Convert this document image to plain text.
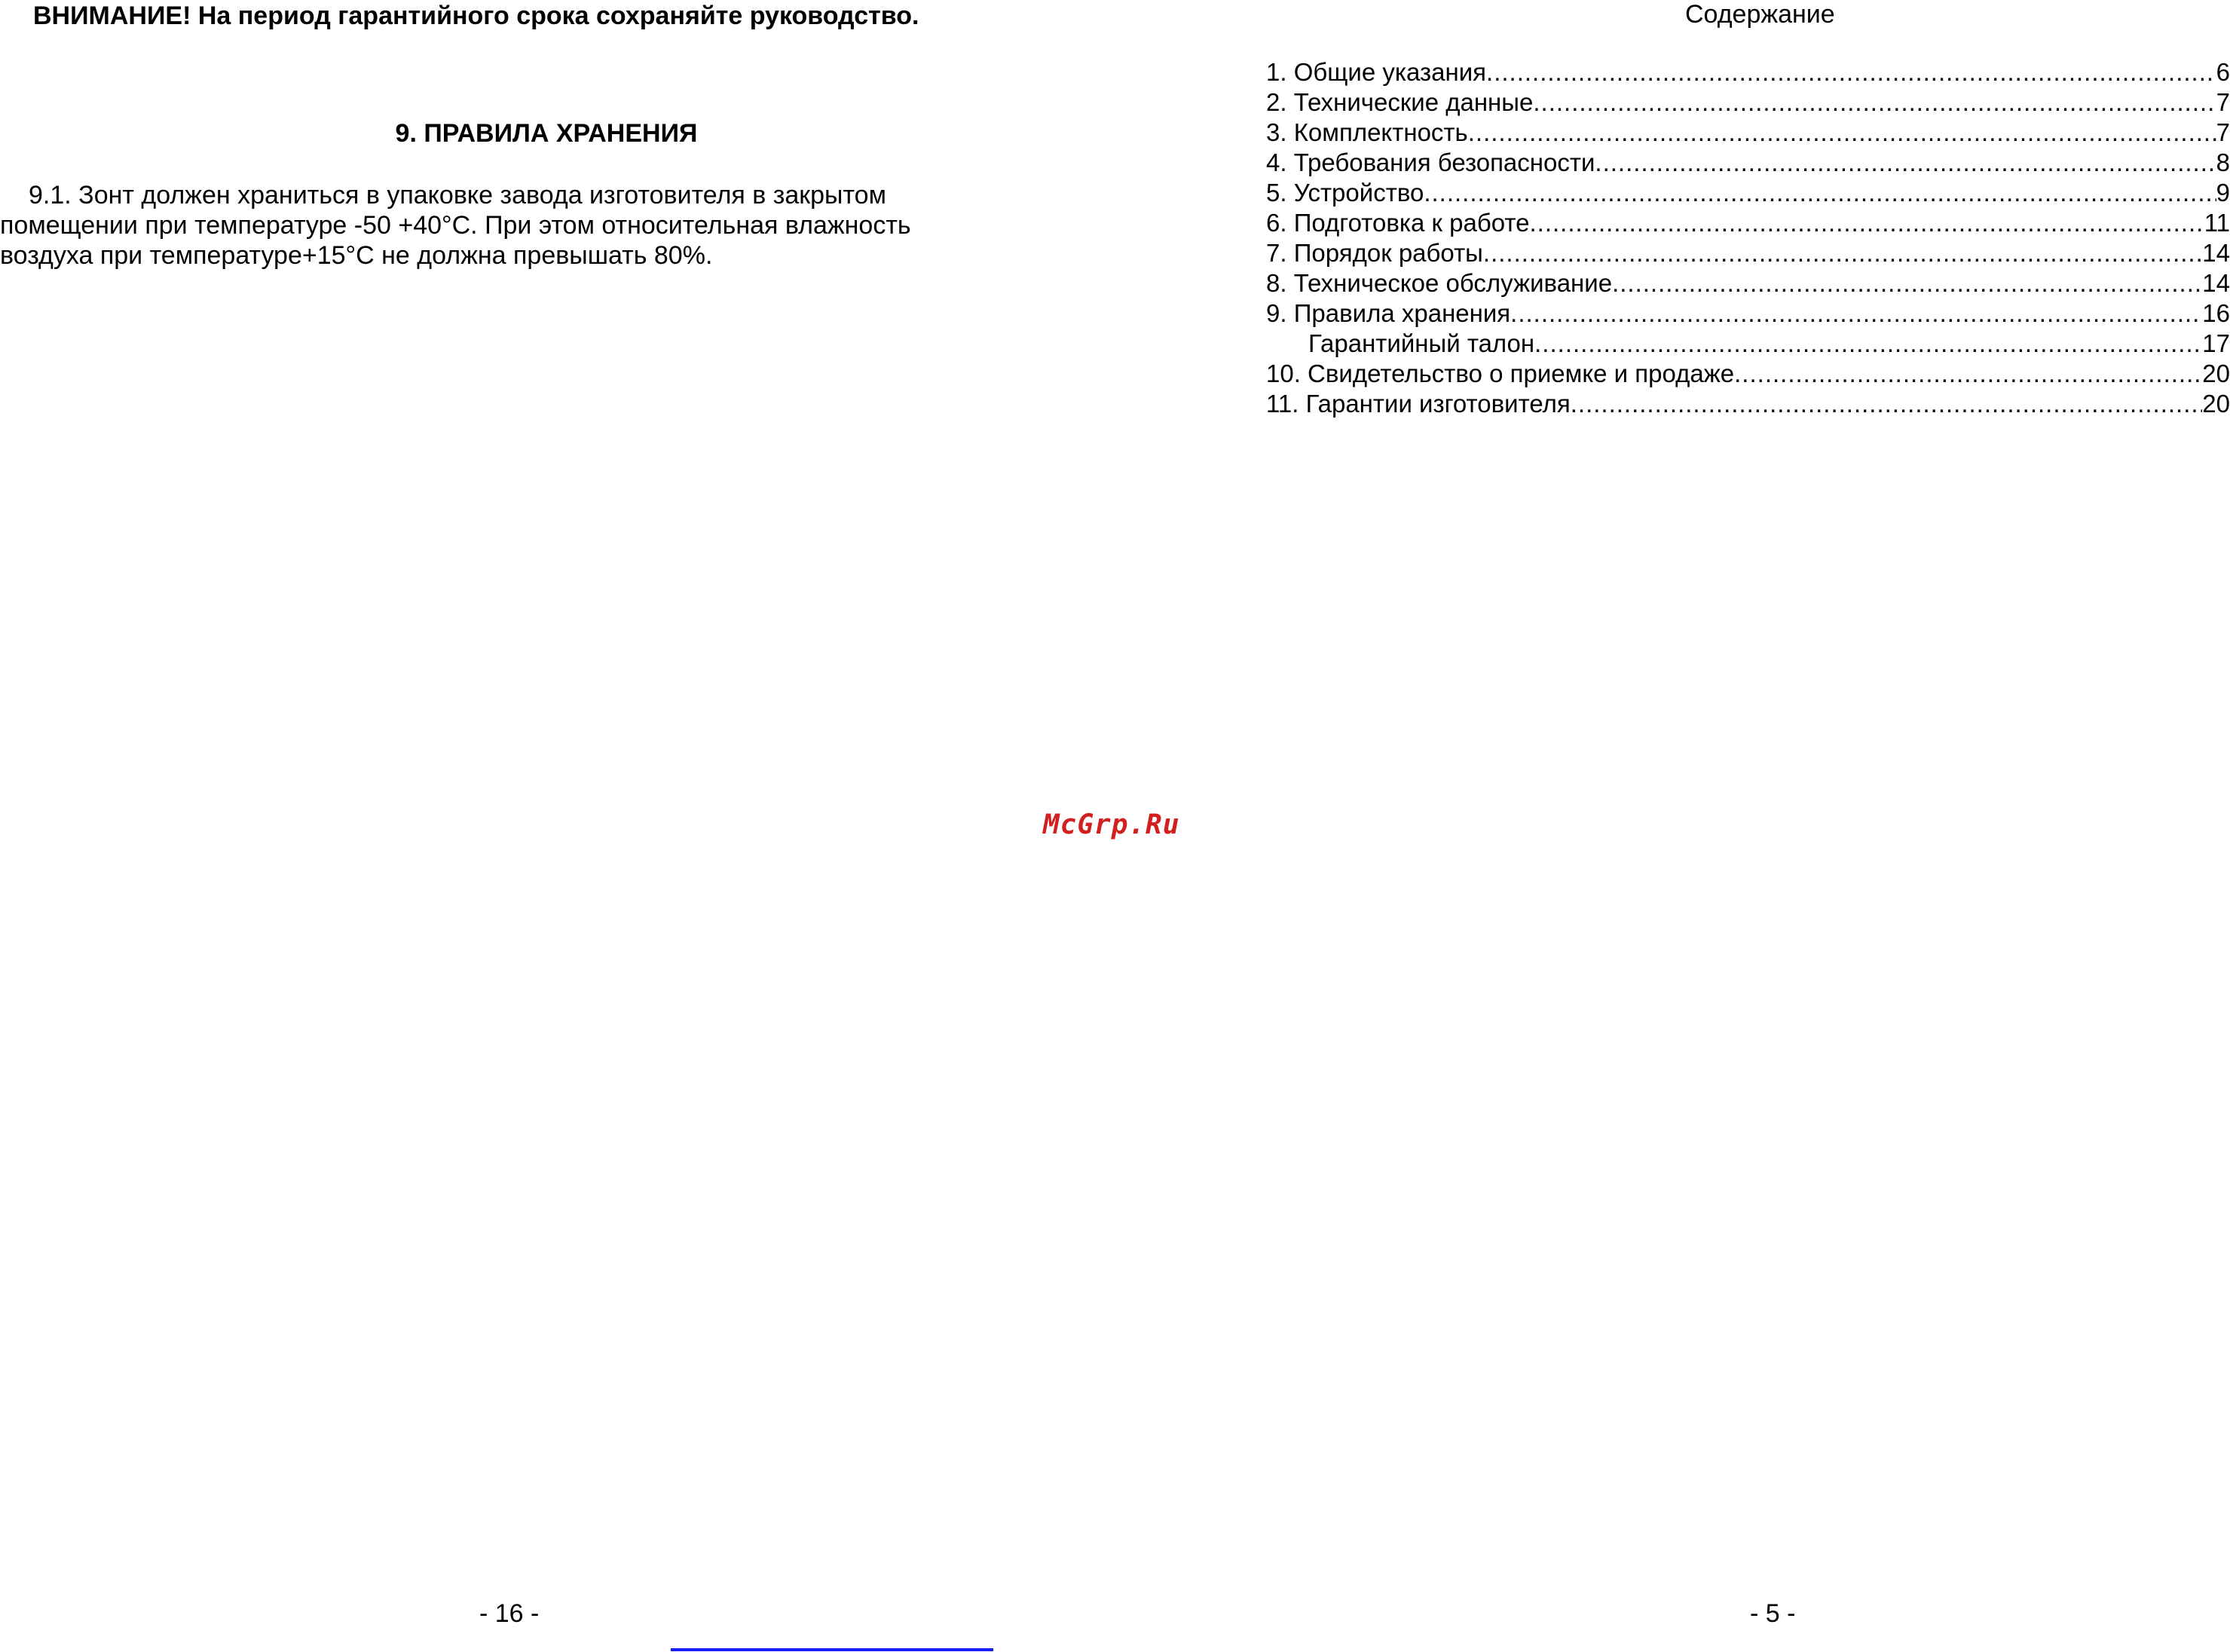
ВНИМАНИЕ! На период гарантийного срока сохраняйте руководство.
9. ПРАВИЛА ХРАНЕНИЯ
9.1. Зонт должен храниться в упаковке завода изготовителя в закрытом
помещении при температуре -50 +40°С. При этом относительная влажность
воздуха при температуре+15°С не должна превышать 80%.
- 16 -
McGrp.Ru
Содержание
1. Общие указания .....	6
2. Технические данные .....	7
3. Комплектность .....	7
4. Требования безопасности .....	8
5. Устройство .....	9
6. Подготовка к работе .....	11
7. Порядок работы .....	14
8. Техническое обслуживание .....	14
9. Правила хранения .....	16
Гарантийный талон .....	17
10. Свидетельство о приемке и продаже .....	20
11. Гарантии изготовителя .....	20
- 5 -
